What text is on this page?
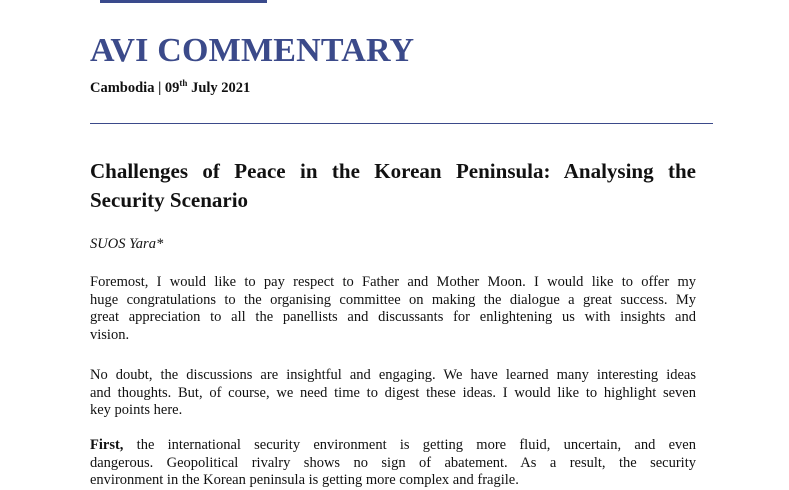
AVI COMMENTARY
Cambodia | 09th July 2021
Challenges of Peace in the Korean Peninsula: Analysing the
Security Scenario
SUOS Yara*
Foremost, I would like to pay respect to Father and Mother Moon. I would like to offer my
huge congratulations to the organising committee on making the dialogue a great success. My
great appreciation to all the panellists and discussants for enlightening us with insights and
vision.
No doubt, the discussions are insightful and engaging. We have learned many interesting ideas
and thoughts. But, of course, we need time to digest these ideas. I would like to highlight seven
key points here.
First, the international security environment is getting more fluid, uncertain, and even
dangerous. Geopolitical rivalry shows no sign of abatement. As a result, the security
environment in the Korean peninsula is getting more complex and fragile.
